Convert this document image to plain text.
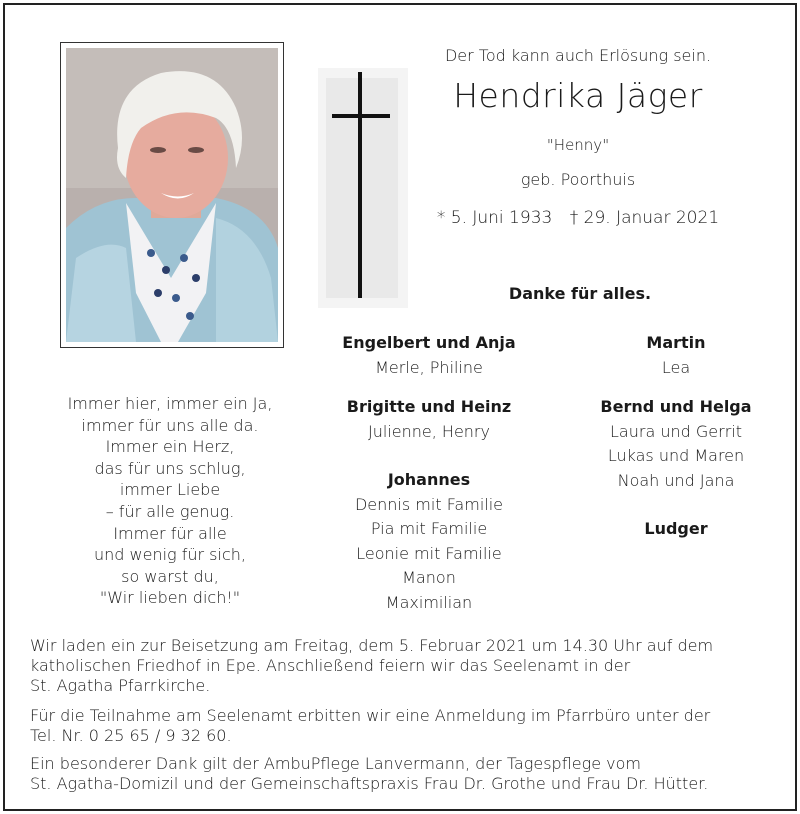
Der Tod kann auch Erlösung sein.
Hendrika Jäger
"Henny"
geb. Poorthuis
* 5. Juni 1933 † 29. Januar 2021
Danke für alles.
Immer hier, immer ein Ja,
immer für uns alle da.
Immer ein Herz,
das für uns schlug,
immer Liebe
– für alle genug.
Immer für alle
und wenig für sich,
so warst du,
"Wir lieben dich!"
Engelbert und Anja
Merle, Philine
Brigitte und Heinz
Julienne, Henry
Johannes
Dennis mit Familie
Pia mit Familie
Leonie mit Familie
Manon
Maximilian
Martin
Lea
Bernd und Helga
Laura und Gerrit
Lukas und Maren
Noah und Jana
Ludger
Wir laden ein zur Beisetzung am Freitag, dem 5. Februar 2021 um 14.30 Uhr auf dem
katholischen Friedhof in Epe. Anschließend feiern wir das Seelenamt in der
St. Agatha Pfarrkirche.
Für die Teilnahme am Seelenamt erbitten wir eine Anmeldung im Pfarrbüro unter der
Tel. Nr. 0 25 65 / 9 32 60.
Ein besonderer Dank gilt der AmbuPflege Lanvermann, der Tagespflege vom
St. Agatha-Domizil und der Gemeinschaftspraxis Frau Dr. Grothe und Frau Dr. Hütter.
